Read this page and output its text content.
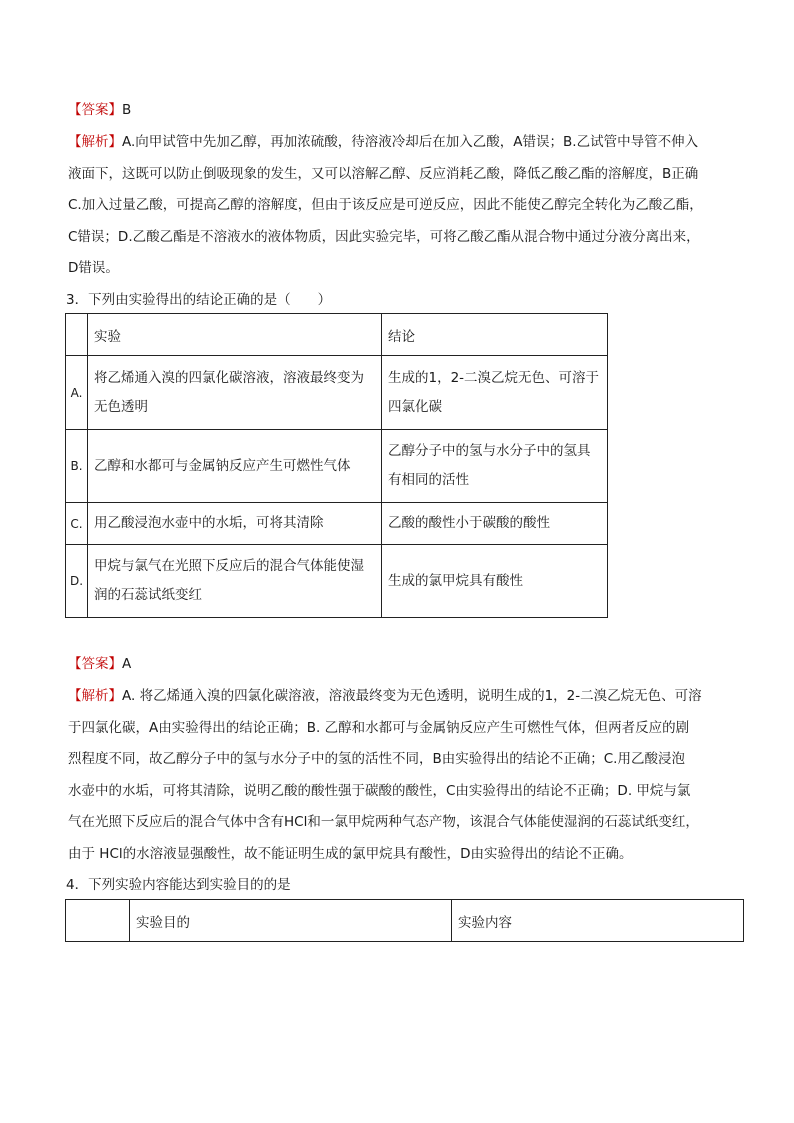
【答案】B
【解析】A.向甲试管中先加乙醇，再加浓硫酸，待溶液冷却后在加入乙酸，A错误；B.乙试管中导管不伸入
液面下，这既可以防止倒吸现象的发生，又可以溶解乙醇、反应消耗乙酸，降低乙酸乙酯的溶解度，B正确
C.加入过量乙酸，可提高乙醇的溶解度，但由于该反应是可逆反应，因此不能使乙醇完全转化为乙酸乙酯，
C错误；D.乙酸乙酯是不溶液水的液体物质，因此实验完毕，可将乙酸乙酯从混合物中通过分液分离出来，
D错误。
3．下列由实验得出的结论正确的是（　　）
	实验	结论
A.	将乙烯通入溴的四氯化碳溶液，溶液最终变为
无色透明	生成的1，2-二溴乙烷无色、可溶于
四氯化碳

B.	乙醇和水都可与金属钠反应产生可燃性气体	乙醇分子中的氢与水分子中的氢具
有相同的活性

C.	用乙酸浸泡水壶中的水垢，可将其清除	乙酸的酸性小于碳酸的酸性

D.	甲烷与氯气在光照下反应后的混合气体能使湿
润的石蕊试纸变红	生成的氯甲烷具有酸性
【答案】A
【解析】A. 将乙烯通入溴的四氯化碳溶液，溶液最终变为无色透明，说明生成的1，2-二溴乙烷无色、可溶
于四氯化碳，A由实验得出的结论正确；B. 乙醇和水都可与金属钠反应产生可燃性气体，但两者反应的剧
烈程度不同，故乙醇分子中的氢与水分子中的氢的活性不同，B由实验得出的结论不正确；C.用乙酸浸泡
水壶中的水垢，可将其清除，说明乙酸的酸性强于碳酸的酸性，C由实验得出的结论不正确；D. 甲烷与氯
气在光照下反应后的混合气体中含有HCl和一氯甲烷两种气态产物，该混合气体能使湿润的石蕊试纸变红，
由于 HCl的水溶液显强酸性，故不能证明生成的氯甲烷具有酸性，D由实验得出的结论不正确。
4．下列实验内容能达到实验目的的是
	实验目的	实验内容
